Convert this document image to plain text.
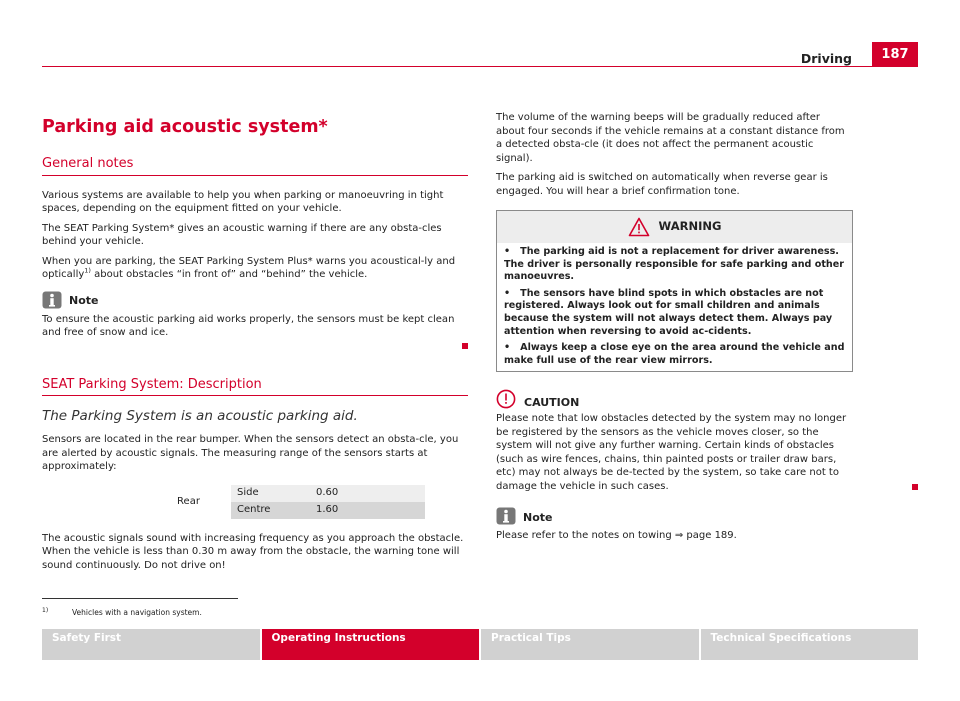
Driving	187
Parking aid acoustic system*
General notes

Various systems are available to help you when parking or manoeuvring in tight spaces, depending on the equipment fitted on your vehicle.

The SEAT Parking System* gives an acoustic warning if there are any obsta-cles behind your vehicle.

When you are parking, the SEAT Parking System Plus* warns you acoustical-ly and optically$^{1)}$ about obstacles “in front of” and “behind” the vehicle.

Note

To ensure the acoustic parking aid works properly, the sensors must be kept clean and free of snow and ice.

SEAT Parking System: Description
The Parking System is an acoustic parking aid.

Sensors are located in the rear bumper. When the sensors detect an obsta-cle, you are alerted by acoustic signals. The measuring range of the sensors starts at approximately:

Rear	Side	0.60
	Centre	1.60

The acoustic signals sound with increasing frequency as you approach the obstacle. When the vehicle is less than 0.30 m away from the obstacle, the warning tone will sound continuously. Do not drive on!

The volume of the warning beeps will be gradually reduced after about four seconds if the vehicle remains at a constant distance from a detected obsta-cle (it does not affect the permanent acoustic signal).

The parking aid is switched on automatically when reverse gear is engaged. You will hear a brief confirmation tone.

WARNING
•   The parking aid is not a replacement for driver awareness. The driver is personally responsible for safe parking and other manoeuvres.
•   The sensors have blind spots in which obstacles are not registered. Always look out for small children and animals because the system will not always detect them. Always pay attention when reversing to avoid ac-cidents.
•   Always keep a close eye on the area around the vehicle and make full use of the rear view mirrors.
CAUTION

Please note that low obstacles detected by the system may no longer be registered by the sensors as the vehicle moves closer, so the system will not give any further warning. Certain kinds of obstacles (such as wire fences, chains, thin painted posts or trailer draw bars, etc) may not always be de-tected by the system, so take care not to damage the vehicle in such cases.

Note

Please refer to the notes on towing ⇒ page 189.

1)	Vehicles with a navigation system.
Safety First	Operating Instructions	Practical Tips	Technical Specifications
